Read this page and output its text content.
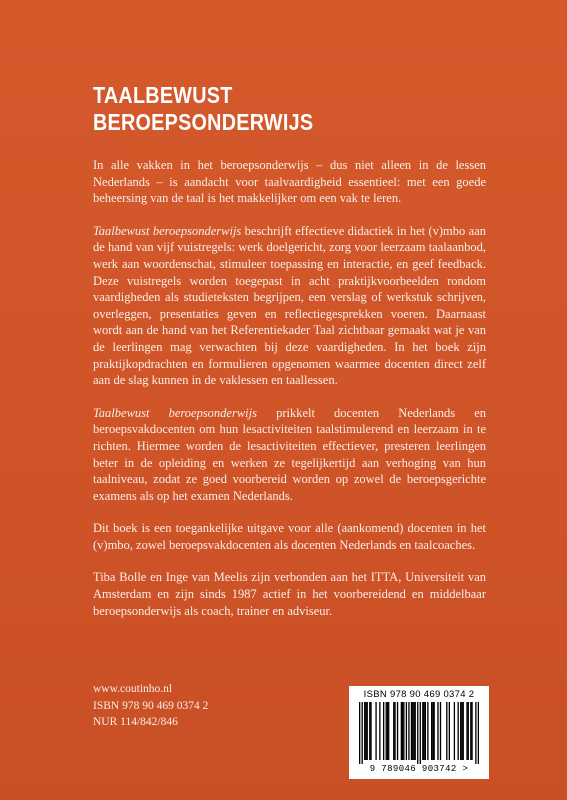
TAALBEWUST
BEROEPSONDERWIJS

In alle vakken in het beroepsonderwijs – dus niet alleen in de lessen Nederlands – is aandacht voor taalvaardigheid essentieel: met een goede beheersing van de taal is het makkelijker om een vak te leren.

Taalbewust beroepsonderwijs beschrijft effectieve didactiek in het (v)mbo aan de hand van vijf vuistregels: werk doelgericht, zorg voor leerzaam taalaanbod, werk aan woordenschat, stimuleer toepassing en interactie, en geef feedback. Deze vuistregels worden toegepast in acht praktijkvoorbeelden rondom vaardigheden als studieteksten begrijpen, een verslag of werkstuk schrijven, overleggen, presentaties geven en reflectiegesprekken voeren. Daarnaast wordt aan de hand van het Referentiekader Taal zichtbaar gemaakt wat je van de leerlingen mag verwachten bij deze vaardigheden. In het boek zijn praktijkopdrachten en formulieren opgenomen waarmee docenten direct zelf aan de slag kunnen in de vaklessen en taallessen.

Taalbewust beroepsonderwijs prikkelt docenten Nederlands en beroepsvakdocenten om hun lesactiviteiten taalstimulerend en leerzaam in te richten. Hiermee worden de lesactiviteiten effectiever, presteren leerlingen beter in de opleiding en werken ze tegelijkertijd aan verhoging van hun taalniveau, zodat ze goed voorbereid worden op zowel de beroepsgerichte examens als op het examen Nederlands.

Dit boek is een toegankelijke uitgave voor alle (aankomend) docenten in het (v)mbo, zowel beroepsvakdocenten als docenten Nederlands en taalcoaches.

Tiba Bolle en Inge van Meelis zijn verbonden aan het ITTA, Universiteit van Amsterdam en zijn sinds 1987 actief in het voorbereidend en middelbaar beroepsonderwijs als coach, trainer en adviseur.

www.coutinho.nl
ISBN 978 90 469 0374 2
NUR 114/842/846
ISBN 978 90 469 0374 2
9 789046 903742 >
